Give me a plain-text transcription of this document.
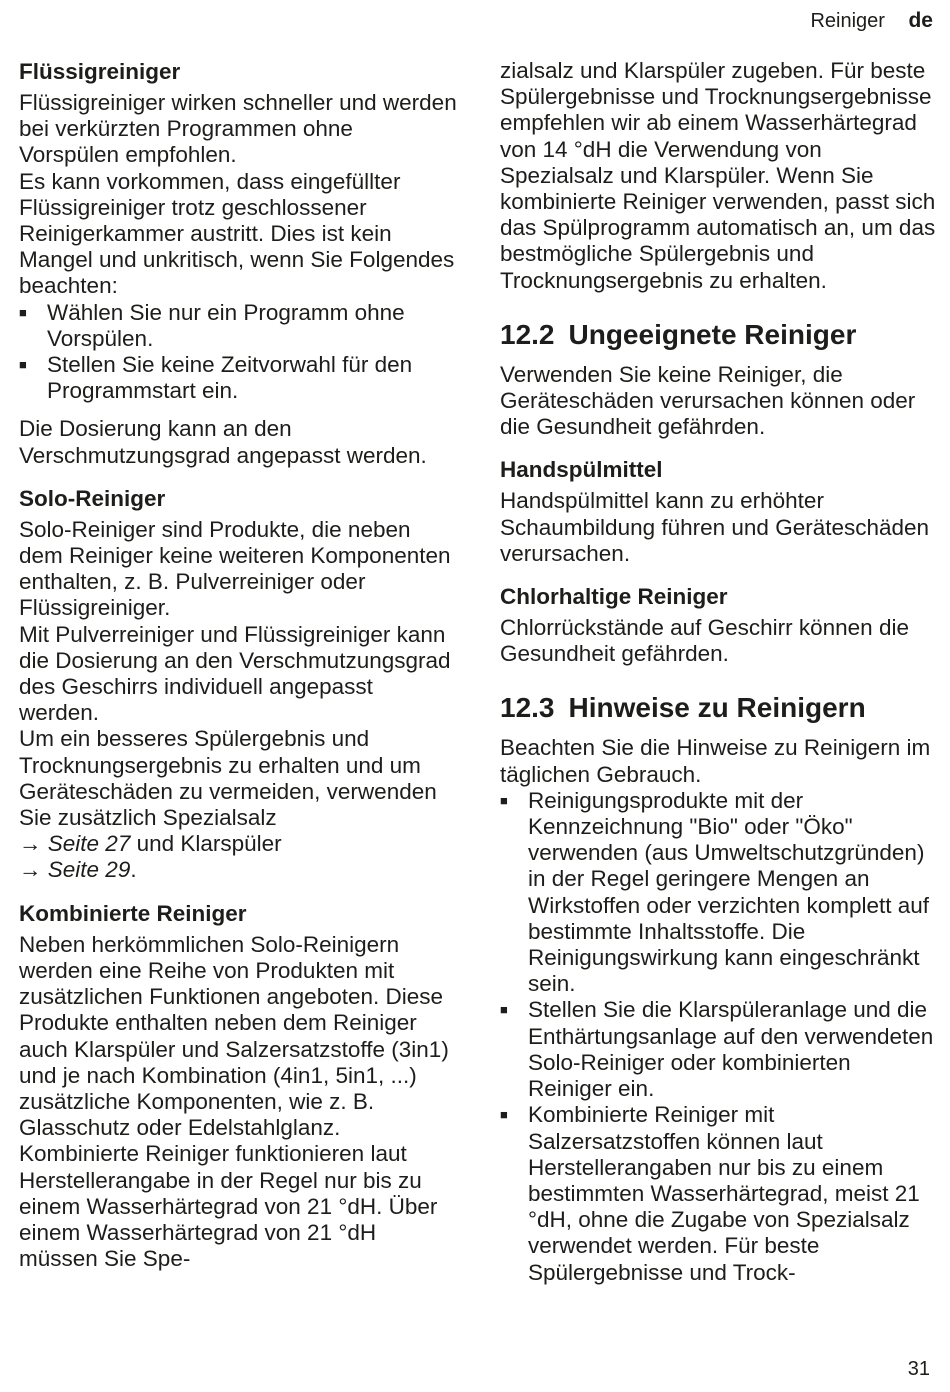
Reiniger de

Flüssigreiniger

Flüssigreiniger wirken schneller und werden bei verkürzten Programmen ohne Vorspülen empfohlen.

Es kann vorkommen, dass eingefüllter Flüssigreiniger trotz geschlossener Reinigerkammer austritt. Dies ist kein Mangel und unkritisch, wenn Sie Folgendes beachten:

■ Wählen Sie nur ein Programm ohne Vorspülen.
■ Stellen Sie keine Zeitvorwahl für den Programmstart ein.

Die Dosierung kann an den Verschmutzungsgrad angepasst werden.

Solo-Reiniger

Solo-Reiniger sind Produkte, die neben dem Reiniger keine weiteren Komponenten enthalten, z. B. Pulverreiniger oder Flüssigreiniger.

Mit Pulverreiniger und Flüssigreiniger kann die Dosierung an den Verschmutzungsgrad des Geschirrs individuell angepasst werden.

Um ein besseres Spülergebnis und Trocknungsergebnis zu erhalten und um Geräteschäden zu vermeiden, verwenden Sie zusätzlich Spezialsalz
→ Seite 27 und Klarspüler
→ Seite 29.

Kombinierte Reiniger

Neben herkömmlichen Solo-Reinigern werden eine Reihe von Produkten mit zusätzlichen Funktionen angeboten. Diese Produkte enthalten neben dem Reiniger auch Klarspüler und Salzersatzstoffe (3in1) und je nach Kombination (4in1, 5in1, ...) zusätzliche Komponenten, wie z. B. Glasschutz oder Edelstahlglanz.

Kombinierte Reiniger funktionieren laut Herstellerangabe in der Regel nur bis zu einem Wasserhärtegrad von 21 °dH. Über einem Wasserhärtegrad von 21 °dH müssen Sie Spe-

zialsalz und Klarspüler zugeben. Für beste Spülergebnisse und Trocknungsergebnisse empfehlen wir ab einem Wasserhärtegrad von 14 °dH die Verwendung von Spezialsalz und Klarspüler. Wenn Sie kombinierte Reiniger verwenden, passt sich das Spülprogramm automatisch an, um das bestmögliche Spülergebnis und Trocknungsergebnis zu erhalten.

12.2 Ungeeignete Reiniger

Verwenden Sie keine Reiniger, die Geräteschäden verursachen können oder die Gesundheit gefährden.

Handspülmittel

Handspülmittel kann zu erhöhter Schaumbildung führen und Geräteschäden verursachen.

Chlorhaltige Reiniger

Chlorrückstände auf Geschirr können die Gesundheit gefährden.

12.3 Hinweise zu Reinigern

Beachten Sie die Hinweise zu Reinigern im täglichen Gebrauch.

■ Reinigungsprodukte mit der Kennzeichnung "Bio" oder "Öko" verwenden (aus Umweltschutzgründen) in der Regel geringere Mengen an Wirkstoffen oder verzichten komplett auf bestimmte Inhaltsstoffe. Die Reinigungswirkung kann eingeschränkt sein.
■ Stellen Sie die Klarspüleranlage und die Enthärtungsanlage auf den verwendeten Solo-Reiniger oder kombinierten Reiniger ein.
■ Kombinierte Reiniger mit Salzersatzstoffen können laut Herstellerangaben nur bis zu einem bestimmten Wasserhärtegrad, meist 21 °dH, ohne die Zugabe von Spezialsalz verwendet werden. Für beste Spülergebnisse und Trock-
31
